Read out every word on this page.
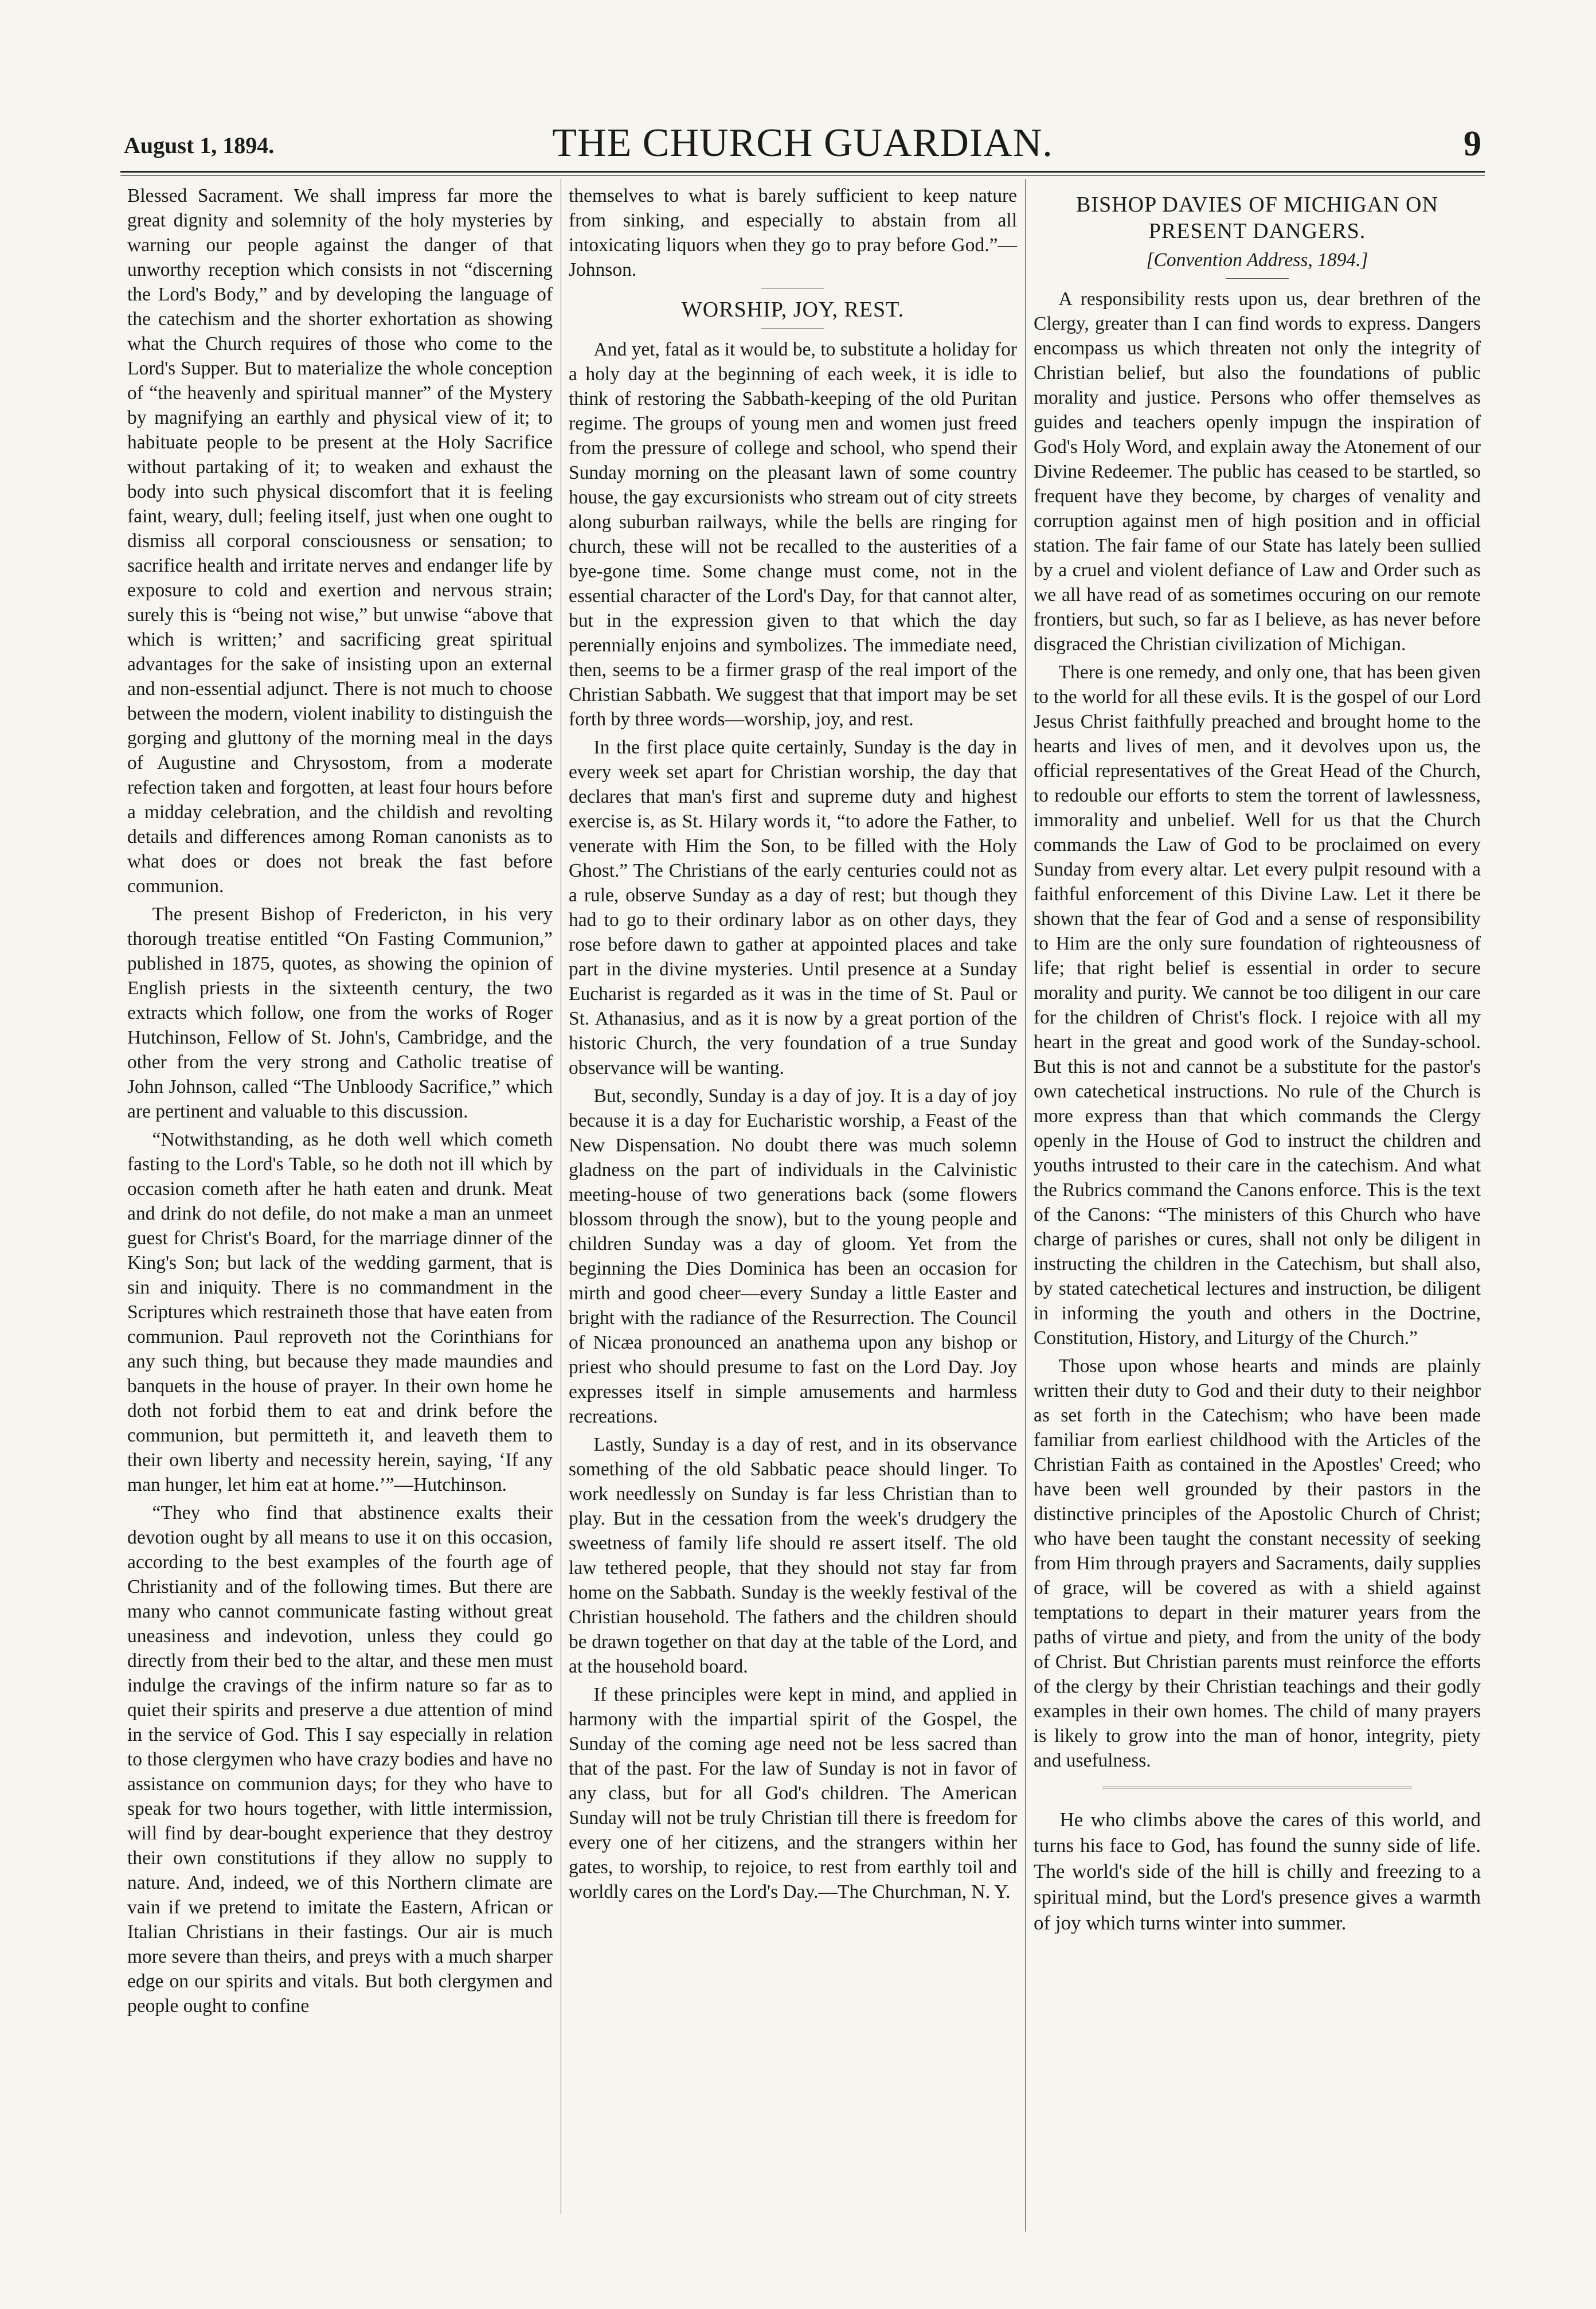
August 1, 1894.	THE CHURCH GUARDIAN.	9

Blessed Sacrament. We shall impress far more the great dignity and solemnity of the holy mysteries by warning our people against the danger of that unworthy reception which consists in not “discerning the Lord's Body,” and by developing the language of the catechism and the shorter exhortation as showing what the Church requires of those who come to the Lord's Supper. But to materialize the whole conception of “the heavenly and spiritual manner” of the Mystery by magnifying an earthly and physical view of it; to habituate people to be present at the Holy Sacrifice without partaking of it; to weaken and exhaust the body into such physical discomfort that it is feeling faint, weary, dull; feeling itself, just when one ought to dismiss all corporal consciousness or sensation; to sacrifice health and irritate nerves and endanger life by exposure to cold and exertion and nervous strain; surely this is “being not wise,” but unwise “above that which is written;’ and sacrificing great spiritual advantages for the sake of insisting upon an external and non-essential adjunct. There is not much to choose between the modern, violent inability to distinguish the gorging and gluttony of the morning meal in the days of Augustine and Chrysostom, from a moderate refection taken and forgotten, at least four hours before a midday celebration, and the childish and revolting details and differences among Roman canonists as to what does or does not break the fast before communion.

The present Bishop of Fredericton, in his very thorough treatise entitled “On Fasting Communion,” published in 1875, quotes, as showing the opinion of English priests in the sixteenth century, the two extracts which follow, one from the works of Roger Hutchinson, Fellow of St. John's, Cambridge, and the other from the very strong and Catholic treatise of John Johnson, called “The Unbloody Sacrifice,” which are pertinent and valuable to this discussion.

“Notwithstanding, as he doth well which cometh fasting to the Lord's Table, so he doth not ill which by occasion cometh after he hath eaten and drunk. Meat and drink do not defile, do not make a man an unmeet guest for Christ's Board, for the marriage dinner of the King's Son; but lack of the wedding garment, that is sin and iniquity. There is no commandment in the Scriptures which restraineth those that have eaten from communion. Paul reproveth not the Corinthians for any such thing, but because they made maundies and banquets in the house of prayer. In their own home he doth not forbid them to eat and drink before the communion, but permitteth it, and leaveth them to their own liberty and necessity herein, saying, ‘If any man hunger, let him eat at home.’”—Hutchinson.

“They who find that abstinence exalts their devotion ought by all means to use it on this occasion, according to the best examples of the fourth age of Christianity and of the following times. But there are many who cannot communicate fasting without great uneasiness and indevotion, unless they could go directly from their bed to the altar, and these men must indulge the cravings of the infirm nature so far as to quiet their spirits and preserve a due attention of mind in the service of God. This I say especially in relation to those clergymen who have crazy bodies and have no assistance on communion days; for they who have to speak for two hours together, with little intermission, will find by dear-bought experience that they destroy their own constitutions if they allow no supply to nature. And, indeed, we of this Northern climate are vain if we pretend to imitate the Eastern, African or Italian Christians in their fastings. Our air is much more severe than theirs, and preys with a much sharper edge on our spirits and vitals. But both clergymen and people ought to confine

themselves to what is barely sufficient to keep nature from sinking, and especially to abstain from all intoxicating liquors when they go to pray before God.”—Johnson.

WORSHIP, JOY, REST.

And yet, fatal as it would be, to substitute a holiday for a holy day at the beginning of each week, it is idle to think of restoring the Sabbath-keeping of the old Puritan regime. The groups of young men and women just freed from the pressure of college and school, who spend their Sunday morning on the pleasant lawn of some country house, the gay excursionists who stream out of city streets along suburban railways, while the bells are ringing for church, these will not be recalled to the austerities of a bye-gone time. Some change must come, not in the essential character of the Lord's Day, for that cannot alter, but in the expression given to that which the day perennially enjoins and symbolizes. The immediate need, then, seems to be a firmer grasp of the real import of the Christian Sabbath. We suggest that that import may be set forth by three words—worship, joy, and rest.

In the first place quite certainly, Sunday is the day in every week set apart for Christian worship, the day that declares that man's first and supreme duty and highest exercise is, as St. Hilary words it, “to adore the Father, to venerate with Him the Son, to be filled with the Holy Ghost.” The Christians of the early centuries could not as a rule, observe Sunday as a day of rest; but though they had to go to their ordinary labor as on other days, they rose before dawn to gather at appointed places and take part in the divine mysteries. Until presence at a Sunday Eucharist is regarded as it was in the time of St. Paul or St. Athanasius, and as it is now by a great portion of the historic Church, the very foundation of a true Sunday observance will be wanting.

But, secondly, Sunday is a day of joy. It is a day of joy because it is a day for Eucharistic worship, a Feast of the New Dispensation. No doubt there was much solemn gladness on the part of individuals in the Calvinistic meeting-house of two generations back (some flowers blossom through the snow), but to the young people and children Sunday was a day of gloom. Yet from the beginning the Dies Dominica has been an occasion for mirth and good cheer—every Sunday a little Easter and bright with the radiance of the Resurrection. The Council of Nicæa pronounced an anathema upon any bishop or priest who should presume to fast on the Lord Day. Joy expresses itself in simple amusements and harmless recreations.

Lastly, Sunday is a day of rest, and in its observance something of the old Sabbatic peace should linger. To work needlessly on Sunday is far less Christian than to play. But in the cessation from the week's drudgery the sweetness of family life should re assert itself. The old law tethered people, that they should not stay far from home on the Sabbath. Sunday is the weekly festival of the Christian household. The fathers and the children should be drawn together on that day at the table of the Lord, and at the household board.

If these principles were kept in mind, and applied in harmony with the impartial spirit of the Gospel, the Sunday of the coming age need not be less sacred than that of the past. For the law of Sunday is not in favor of any class, but for all God's children. The American Sunday will not be truly Christian till there is freedom for every one of her citizens, and the strangers within her gates, to worship, to rejoice, to rest from earthly toil and worldly cares on the Lord's Day.—The Churchman, N. Y.

BISHOP DAVIES OF MICHIGAN ON PRESENT DANGERS.
[Convention Address, 1894.]

A responsibility rests upon us, dear brethren of the Clergy, greater than I can find words to express. Dangers encompass us which threaten not only the integrity of Christian belief, but also the foundations of public morality and justice. Persons who offer themselves as guides and teachers openly impugn the inspiration of God's Holy Word, and explain away the Atonement of our Divine Redeemer. The public has ceased to be startled, so frequent have they become, by charges of venality and corruption against men of high position and in official station. The fair fame of our State has lately been sullied by a cruel and violent defiance of Law and Order such as we all have read of as sometimes occuring on our remote frontiers, but such, so far as I believe, as has never before disgraced the Christian civilization of Michigan.

There is one remedy, and only one, that has been given to the world for all these evils. It is the gospel of our Lord Jesus Christ faithfully preached and brought home to the hearts and lives of men, and it devolves upon us, the official representatives of the Great Head of the Church, to redouble our efforts to stem the torrent of lawlessness, immorality and unbelief. Well for us that the Church commands the Law of God to be proclaimed on every Sunday from every altar. Let every pulpit resound with a faithful enforcement of this Divine Law. Let it there be shown that the fear of God and a sense of responsibility to Him are the only sure foundation of righteousness of life; that right belief is essential in order to secure morality and purity. We cannot be too diligent in our care for the children of Christ's flock. I rejoice with all my heart in the great and good work of the Sunday-school. But this is not and cannot be a substitute for the pastor's own catechetical instructions. No rule of the Church is more express than that which commands the Clergy openly in the House of God to instruct the children and youths intrusted to their care in the catechism. And what the Rubrics command the Canons enforce. This is the text of the Canons: “The ministers of this Church who have charge of parishes or cures, shall not only be diligent in instructing the children in the Catechism, but shall also, by stated catechetical lectures and instruction, be diligent in informing the youth and others in the Doctrine, Constitution, History, and Liturgy of the Church.”

Those upon whose hearts and minds are plainly written their duty to God and their duty to their neighbor as set forth in the Catechism; who have been made familiar from earliest childhood with the Articles of the Christian Faith as contained in the Apostles' Creed; who have been well grounded by their pastors in the distinctive principles of the Apostolic Church of Christ; who have been taught the constant necessity of seeking from Him through prayers and Sacraments, daily supplies of grace, will be covered as with a shield against temptations to depart in their maturer years from the paths of virtue and piety, and from the unity of the body of Christ. But Christian parents must reinforce the efforts of the clergy by their Christian teachings and their godly examples in their own homes. The child of many prayers is likely to grow into the man of honor, integrity, piety and usefulness.

He who climbs above the cares of this world, and turns his face to God, has found the sunny side of life. The world's side of the hill is chilly and freezing to a spiritual mind, but the Lord's presence gives a warmth of joy which turns winter into summer.
